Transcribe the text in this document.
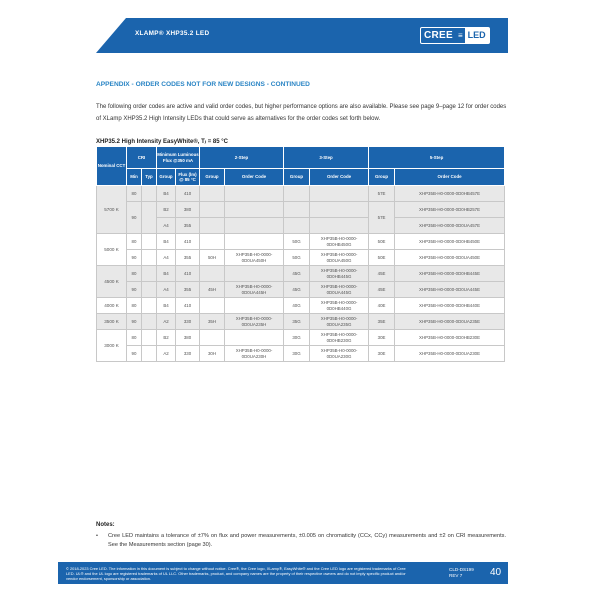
XLAMP® XHP35.2 LED	CREE ≡ LED
APPENDIX - ORDER CODES NOT FOR NEW DESIGNS - CONTINUED
The following order codes are active and valid order codes, but higher performance options are also available. Please see page 9–page 12 for order codes of XLamp XHP35.2 High Intensity LEDs that could serve as alternatives for the order codes set forth below.
XHP35.2 High Intensity EasyWhite®, Tⱼ = 85 °C
Nominal CCT	CRI		Minimum Luminous Flux @350 mA		2-Step		3-Step		5-Step	
	Min	Typ	Group	Flux (lm) @ 85 °C	Group	Order Code	Group	Order Code	Group	Order Code
5700 K	80		B4	410					57E	XHP35B-H0-0000-0D0HB457E
	90		B2	380					57E	XHP35B-H0-0000-0D0HB257E
			A4	355						XHP35B-H0-0000-0D0UA457E
5000 K	80		B4	410			50G	XHP35B-H0-0000-0D0HB450G	50E	XHP35B-H0-0000-0D0HB450E
	90		A4	355	50H	XHP35B-H0-0000-0D0UA450H	50G	XHP35B-H0-0000-0D0UA450G	50E	XHP35B-H0-0000-0D0UA450E
4500 K	80		B4	410			45G	XHP35B-H0-0000-0D0HB445G	45E	XHP35B-H0-0000-0D0HB445E
	90		A4	355	45H	XHP35B-H0-0000-0D0UA445H	45G	XHP35B-H0-0000-0D0UA445G	45E	XHP35B-H0-0000-0D0UA445E
4000 K	80		B4	410			40G	XHP35B-H0-0000-0D0HB440G	40E	XHP35B-H0-0000-0D0HB440E
3500 K	90		A2	330	35H	XHP35B-H0-0000-0D0UA235H	35G	XHP35B-H0-0000-0D0UA235G	35E	XHP35B-H0-0000-0D0UA235E
3000 K	80		B2	380			30G	XHP35B-H0-0000-0D0HB230G	30E	XHP35B-H0-0000-0D0HB230E
	90		A2	330	30H	XHP35B-H0-0000-0D0UA230H	30G	XHP35B-H0-0000-0D0UA230G	30E	XHP35B-H0-0000-0D0UA230E
Notes:
• Cree LED maintains a tolerance of ±7% on flux and power measurements, ±0.005 on chromaticity (CCx, CCy) measurements and ±2 on CRI measurements. See the Measurements section (page 30).
© 2018-2023 Cree LED. The information in this document is subject to change without notice. Cree®, the Cree logo, XLamp®, EasyWhite® and the Cree LED logo are registered trademarks of Cree LED. UL® and the UL logo are registered trademarks of UL LLC. Other trademarks, product, and company names are the property of their respective owners and do not imply specific product and/or vendor endorsement, sponsorship or association.
CLD-DS199
REV 7	40
